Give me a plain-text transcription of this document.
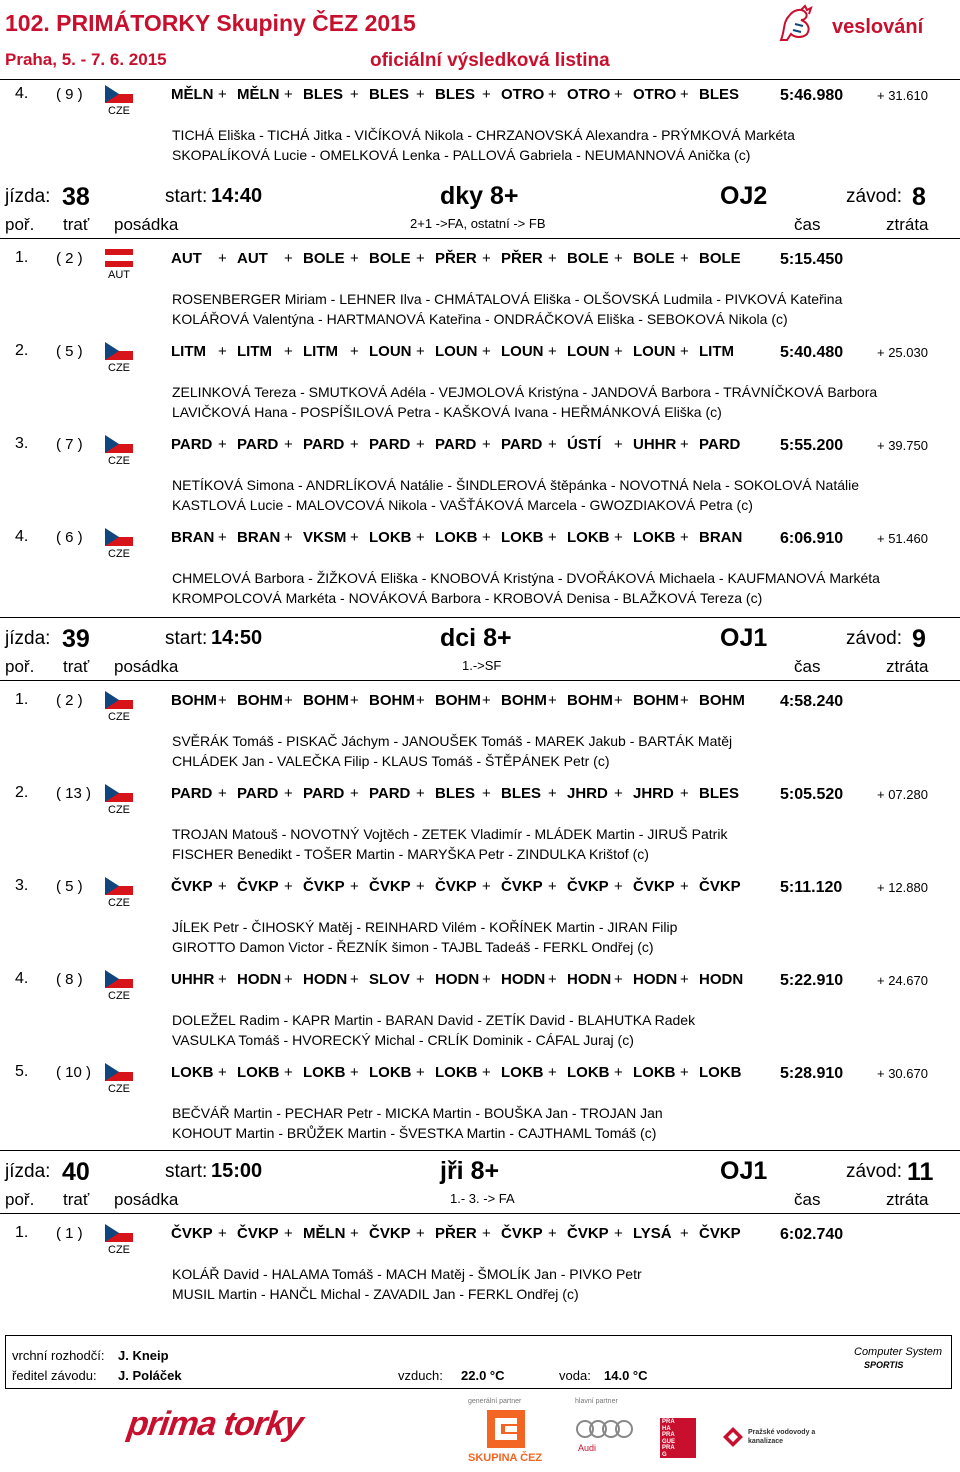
102. PRIMÁTORKY Skupiny ČEZ 2015
Praha, 5. - 7. 6. 2015	oficiální výsledková listina
veslování
4. ( 9 )
CZE
MĚLN + MĚLN + BLES + BLES + BLES + OTRO + OTRO + OTRO + BLES	5:46.980	+ 31.610
TICHÁ Eliška - TICHÁ Jitka - VIČÍKOVÁ Nikola - CHRZANOVSKÁ Alexandra - PRÝMKOVÁ Markéta
SKOPALÍKOVÁ Lucie - OMELKOVÁ Lenka - PALLOVÁ Gabriela - NEUMANNOVÁ Anička (c)
jízda: 38	start: 14:40	dky 8+	OJ2	závod: 8
poř. trať posádka	2+1 ->FA, ostatní -> FB	čas	ztráta
1. ( 2 )
AUT
AUT + AUT + BOLE + BOLE + PŘER + PŘER + BOLE + BOLE + BOLE 5:15.450
ROSENBERGER Miriam - LEHNER Ilva - CHMÁTALOVÁ Eliška - OLŠOVSKÁ Ludmila - PIVKOVÁ Kateřina
KOLÁŘOVÁ Valentýna - HARTMANOVÁ Kateřina - ONDRÁČKOVÁ Eliška - SEBOKOVÁ Nikola (c)
2. ( 5 )
CZE
LITM + LITM + LITM + LOUN + LOUN + LOUN + LOUN + LOUN + LITM	5:40.480	+ 25.030
ZELINKOVÁ Tereza - SMUTKOVÁ Adéla - VEJMOLOVÁ Kristýna - JANDOVÁ Barbora - TRÁVNÍČKOVÁ Barbora
LAVIČKOVÁ Hana - POSPÍŠILOVÁ Petra - KAŠKOVÁ Ivana - HEŘMÁNKOVÁ Eliška (c)
3. ( 7 )
CZE
PARD + PARD + PARD + PARD + PARD + PARD + ÚSTÍ + UHHR + PARD 5:55.200	+ 39.750
NETÍKOVÁ Simona - ANDRLÍKOVÁ Natálie - ŠINDLEROVÁ štěpánka - NOVOTNÁ Nela - SOKOLOVÁ Natálie
KASTLOVÁ Lucie - MALOVCOVÁ Nikola - VAŠŤÁKOVÁ Marcela - GWOZDIAKOVÁ Petra (c)
4. ( 6 )
CZE
BRAN + BRAN + VKSM + LOKB + LOKB + LOKB + LOKB + LOKB + BRAN 6:06.910	+ 51.460
CHMELOVÁ Barbora - ŽIŽKOVÁ Eliška - KNOBOVÁ Kristýna - DVOŘÁKOVÁ Michaela - KAUFMANOVÁ Markéta
KROMPOLCOVÁ Markéta - NOVÁKOVÁ Barbora - KROBOVÁ Denisa - BLAŽKOVÁ Tereza (c)
jízda: 39	start: 14:50	dci 8+	OJ1	závod: 9
poř. trať posádka	1.->SF	čas	ztráta
1. ( 2 )
CZE
BOHM + BOHM + BOHM + BOHM + BOHM + BOHM + BOHM + BOHM + BOHM 4:58.240
SVĚRÁK Tomáš - PISKAČ Jáchym - JANOUŠEK Tomáš - MAREK Jakub - BARTÁK Matěj
CHLÁDEK Jan - VALEČKA Filip - KLAUS Tomáš - ŠTĚPÁNEK Petr (c)
2. ( 13 )
CZE
PARD + PARD + PARD + PARD + BLES + BLES + JHRD + JHRD + BLES	5:05.520	+ 07.280
TROJAN Matouš - NOVOTNÝ Vojtěch - ZETEK Vladimír - MLÁDEK Martin - JIRUŠ Patrik
FISCHER Benedikt - TOŠER Martin - MARYŠKA Petr - ZINDULKA Krištof (c)
3. ( 5 )
CZE
ČVKP + ČVKP + ČVKP + ČVKP + ČVKP + ČVKP + ČVKP + ČVKP + ČVKP 5:11.120	+ 12.880
JÍLEK Petr - ČIHOSKÝ Matěj - REINHARD Vilém - KOŘÍNEK Martin - JIRAN Filip
GIROTTO Damon Victor - ŘEZNÍK šimon - TAJBL Tadeáš - FERKL Ondřej (c)
4. ( 8 )
CZE
UHHR + HODN + HODN + SLOV + HODN + HODN + HODN + HODN + HODN 5:22.910	+ 24.670
DOLEŽEL Radim - KAPR Martin - BARAN David - ZETÍK David - BLAHUTKA Radek
VASULKA Tomáš - HVORECKÝ Michal - CRLÍK Dominik - CÁFAL Juraj (c)
5. ( 10 )
CZE
LOKB + LOKB + LOKB + LOKB + LOKB + LOKB + LOKB + LOKB + LOKB 5:28.910	+ 30.670
BEČVÁŘ Martin - PECHAR Petr - MICKA Martin - BOUŠKA Jan - TROJAN Jan
KOHOUT Martin - BRŮŽEK Martin - ŠVESTKA Martin - CAJTHAML Tomáš (c)
jízda: 40	start: 15:00	jři 8+	OJ1	závod: 11
poř. trať posádka	1.- 3. -> FA	čas	ztráta
1. ( 1 )
CZE
ČVKP + ČVKP + MĚLN + ČVKP + PŘER + ČVKP + ČVKP + LYSÁ + ČVKP 6:02.740
KOLÁŘ David - HALAMA Tomáš - MACH Matěj - ŠMOLÍK Jan - PIVKO Petr
MUSIL Martin - HANČL Michal - ZAVADIL Jan - FERKL Ondřej (c)
vrchní rozhodčí: J. Kneip
ředitel závodu: J. Poláček	vzduch: 22.0 °C	voda: 14.0 °C
Computer System
SPORTIS
prima torky
generální partner
SKUPINA ČEZ
hlavní partner
Audi
PRA
HA
PRA
GUE
PRA
G
Pražské vodovody a kanalizace
